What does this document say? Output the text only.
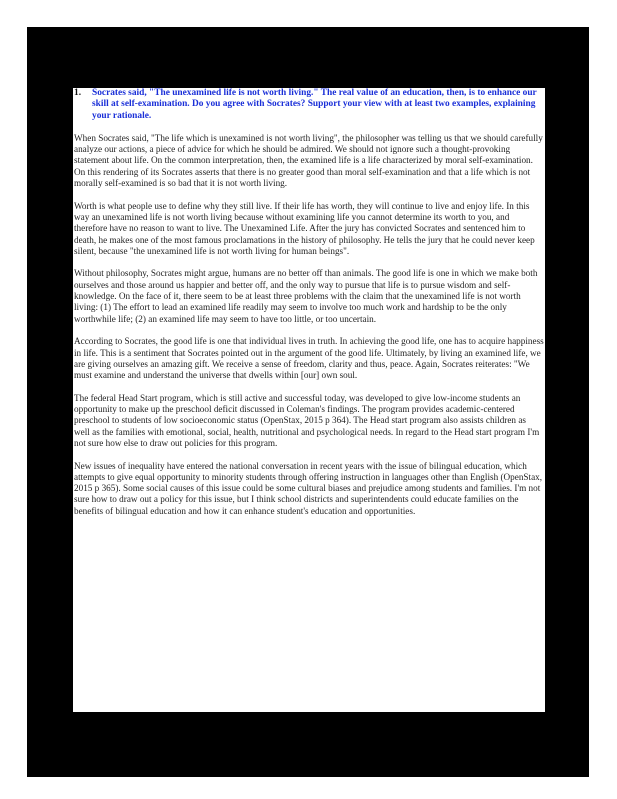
1.	Socrates said, "The unexamined life is not worth living." The real value of an education, then, is to enhance our skill at self-examination. Do you agree with Socrates? Support your view with at least two examples, explaining your rationale.

When Socrates said, "The life which is unexamined is not worth living", the philosopher was telling us that we should carefully analyze our actions, a piece of advice for which he should be admired. We should not ignore such a thought-provoking statement about life. On the common interpretation, then, the examined life is a life characterized by moral self-examination. On this rendering of its Socrates asserts that there is no greater good than moral self-examination and that a life which is not morally self-examined is so bad that it is not worth living.

Worth is what people use to define why they still live. If their life has worth, they will continue to live and enjoy life. In this way an unexamined life is not worth living because without examining life you cannot determine its worth to you, and therefore have no reason to want to live. The Unexamined Life. After the jury has convicted Socrates and sentenced him to death, he makes one of the most famous proclamations in the history of philosophy. He tells the jury that he could never keep silent, because "the unexamined life is not worth living for human beings".

Without philosophy, Socrates might argue, humans are no better off than animals. The good life is one in which we make both ourselves and those around us happier and better off, and the only way to pursue that life is to pursue wisdom and self-knowledge. On the face of it, there seem to be at least three problems with the claim that the unexamined life is not worth living: (1) The effort to lead an examined life readily may seem to involve too much work and hardship to be the only worthwhile life; (2) an examined life may seem to have too little, or too uncertain.

According to Socrates, the good life is one that individual lives in truth. In achieving the good life, one has to acquire happiness in life. This is a sentiment that Socrates pointed out in the argument of the good life. Ultimately, by living an examined life, we are giving ourselves an amazing gift. We receive a sense of freedom, clarity and thus, peace. Again, Socrates reiterates: "We must examine and understand the universe that dwells within [our] own soul.

The federal Head Start program, which is still active and successful today, was developed to give low-income students an opportunity to make up the preschool deficit discussed in Coleman's findings. The program provides academic-centered preschool to students of low socioeconomic status (OpenStax, 2015 p 364). The Head start program also assists children as well as the families with emotional, social, health, nutritional and psychological needs. In regard to the Head start program I'm not sure how else to draw out policies for this program.

New issues of inequality have entered the national conversation in recent years with the issue of bilingual education, which attempts to give equal opportunity to minority students through offering instruction in languages other than English (OpenStax, 2015 p 365). Some social causes of this issue could be some cultural biases and prejudice among students and families. I'm not sure how to draw out a policy for this issue, but I think school districts and superintendents could educate families on the benefits of bilingual education and how it can enhance student's education and opportunities.
